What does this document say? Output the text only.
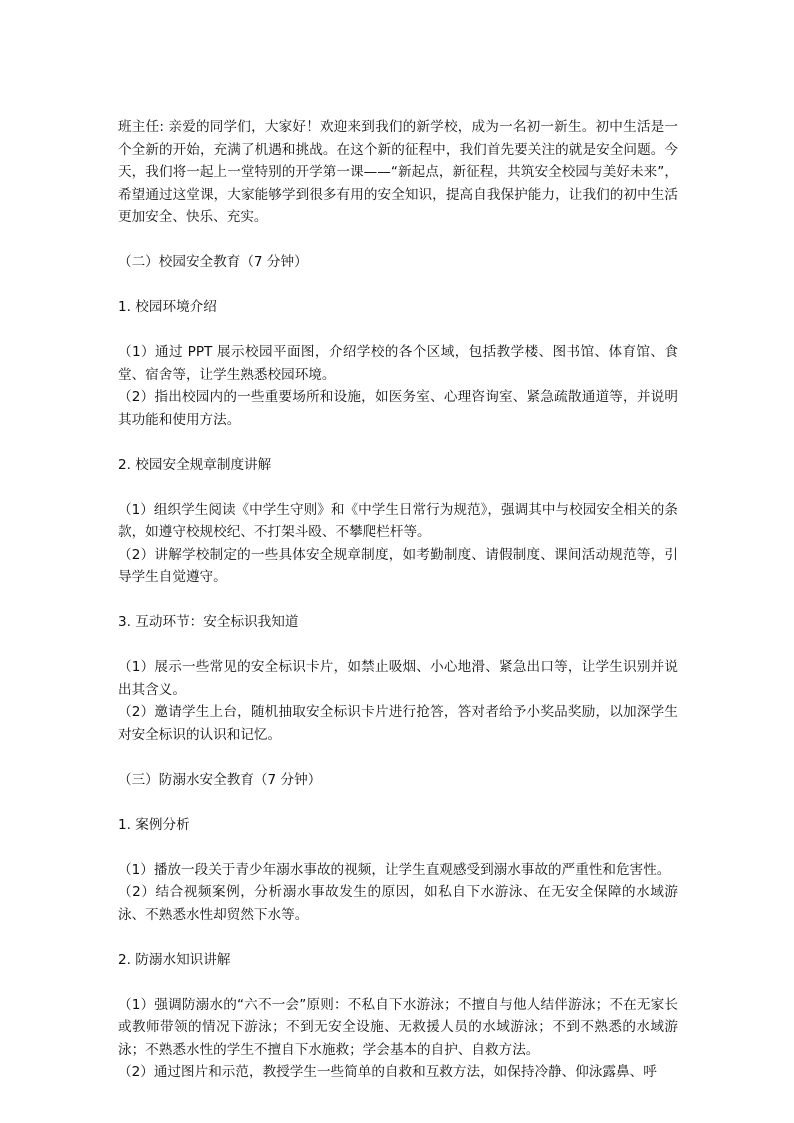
班主任: 亲爱的同学们，大家好！欢迎来到我们的新学校，成为一名初一新生。初中生活是一个全新的开始，充满了机遇和挑战。在这个新的征程中，我们首先要关注的就是安全问题。今天，我们将一起上一堂特别的开学第一课——“新起点，新征程，共筑安全校园与美好未来”，希望通过这堂课，大家能够学到很多有用的安全知识，提高自我保护能力，让我们的初中生活更加安全、快乐、充实。

（二）校园安全教育（7 分钟）

1. 校园环境介绍

（1）通过 PPT 展示校园平面图，介绍学校的各个区域，包括教学楼、图书馆、体育馆、食堂、宿舍等，让学生熟悉校园环境。

（2）指出校园内的一些重要场所和设施，如医务室、心理咨询室、紧急疏散通道等，并说明其功能和使用方法。

2. 校园安全规章制度讲解

（1）组织学生阅读《中学生守则》和《中学生日常行为规范》，强调其中与校园安全相关的条款，如遵守校规校纪、不打架斗殴、不攀爬栏杆等。

（2）讲解学校制定的一些具体安全规章制度，如考勤制度、请假制度、课间活动规范等，引导学生自觉遵守。

3. 互动环节：安全标识我知道

（1）展示一些常见的安全标识卡片，如禁止吸烟、小心地滑、紧急出口等，让学生识别并说出其含义。

（2）邀请学生上台，随机抽取安全标识卡片进行抢答，答对者给予小奖品奖励，以加深学生对安全标识的认识和记忆。

（三）防溺水安全教育（7 分钟）

1. 案例分析

（1）播放一段关于青少年溺水事故的视频，让学生直观感受到溺水事故的严重性和危害性。

（2）结合视频案例，分析溺水事故发生的原因，如私自下水游泳、在无安全保障的水域游泳、不熟悉水性却贸然下水等。

2. 防溺水知识讲解

（1）强调防溺水的“六不一会”原则：不私自下水游泳；不擅自与他人结伴游泳；不在无家长或教师带领的情况下游泳；不到无安全设施、无救援人员的水域游泳；不到不熟悉的水域游泳；不熟悉水性的学生不擅自下水施救；学会基本的自护、自救方法。

（2）通过图片和示范，教授学生一些简单的自救和互救方法，如保持冷静、仰泳露鼻、呼
